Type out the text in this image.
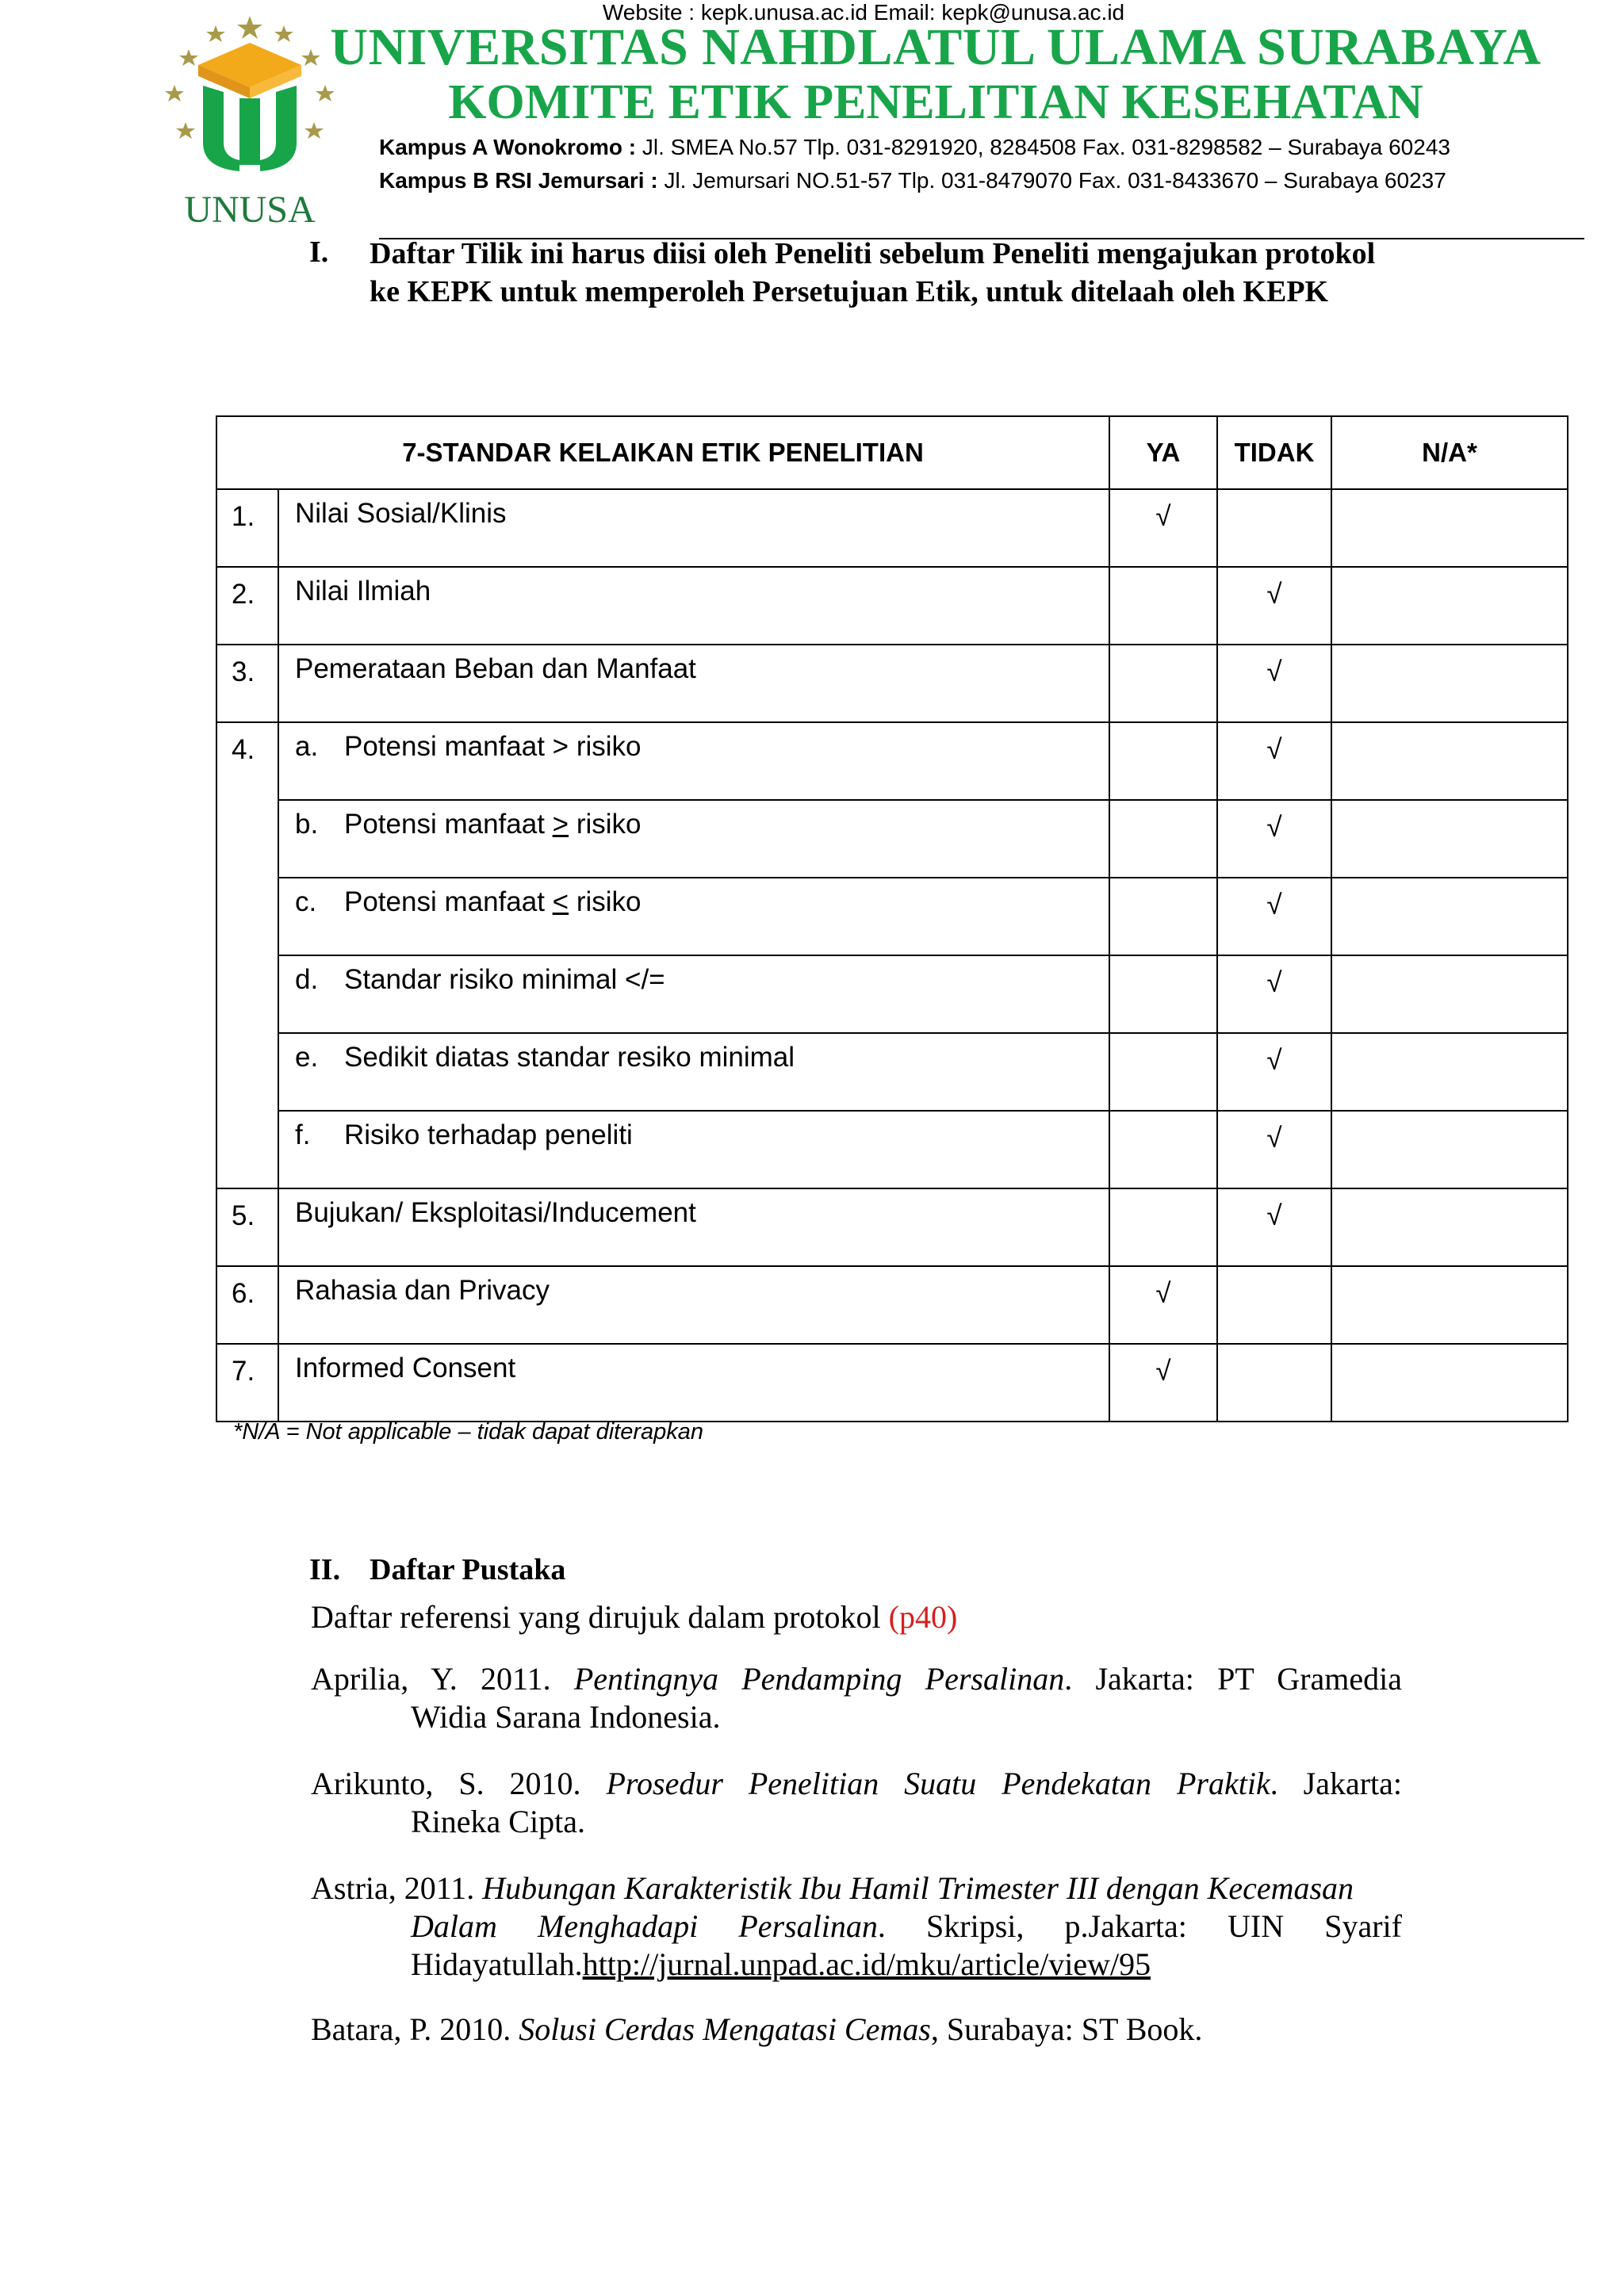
UNUSA
UNIVERSITAS NAHDLATUL ULAMA SURABAYA
KOMITE ETIK PENELITIAN KESEHATAN
Kampus A Wonokromo : Jl. SMEA No.57 Tlp. 031-8291920, 8284508 Fax. 031-8298582 – Surabaya 60243
Kampus B RSI Jemursari : Jl. Jemursari NO.51-57 Tlp. 031-8479070 Fax. 031-8433670 – Surabaya 60237
Website : kepk.unusa.ac.id Email: kepk@unusa.ac.id
I. Daftar Tilik ini harus diisi oleh Peneliti sebelum Peneliti mengajukan protokol ke KEPK untuk memperoleh Persetujuan Etik, untuk ditelaah oleh KEPK
7-STANDAR KELAIKAN ETIK PENELITIAN		YA	TIDAK	N/A*
1.	Nilai Sosial/Klinis	√		
2.	Nilai Ilmiah		√	
3.	Pemerataan Beban dan Manfaat		√	
4.	a. Potensi manfaat > risiko		√	
	b. Potensi manfaat > risiko		√	
	c. Potensi manfaat < risiko		√	
	d. Standar risiko minimal </=		√	
	e. Sedikit diatas standar resiko minimal		√	
	f. Risiko terhadap peneliti		√	
5.	Bujukan/ Eksploitasi/Inducement		√	
6.	Rahasia dan Privacy	√		
7.	Informed Consent	√		
*N/A = Not applicable – tidak dapat diterapkan
II. Daftar Pustaka
Daftar referensi yang dirujuk dalam protokol (p40)
Aprilia, Y. 2011. Pentingnya Pendamping Persalinan. Jakarta: PT Gramedia
Widia Sarana Indonesia.
Arikunto, S. 2010. Prosedur Penelitian Suatu Pendekatan Praktik. Jakarta:
Rineka Cipta.
Astria, 2011. Hubungan Karakteristik Ibu Hamil Trimester III dengan Kecemasan
Dalam Menghadapi Persalinan. Skripsi, p.Jakarta: UIN Syarif
Hidayatullah.http://jurnal.unpad.ac.id/mku/article/view/95
Batara, P. 2010. Solusi Cerdas Mengatasi Cemas, Surabaya: ST Book.
